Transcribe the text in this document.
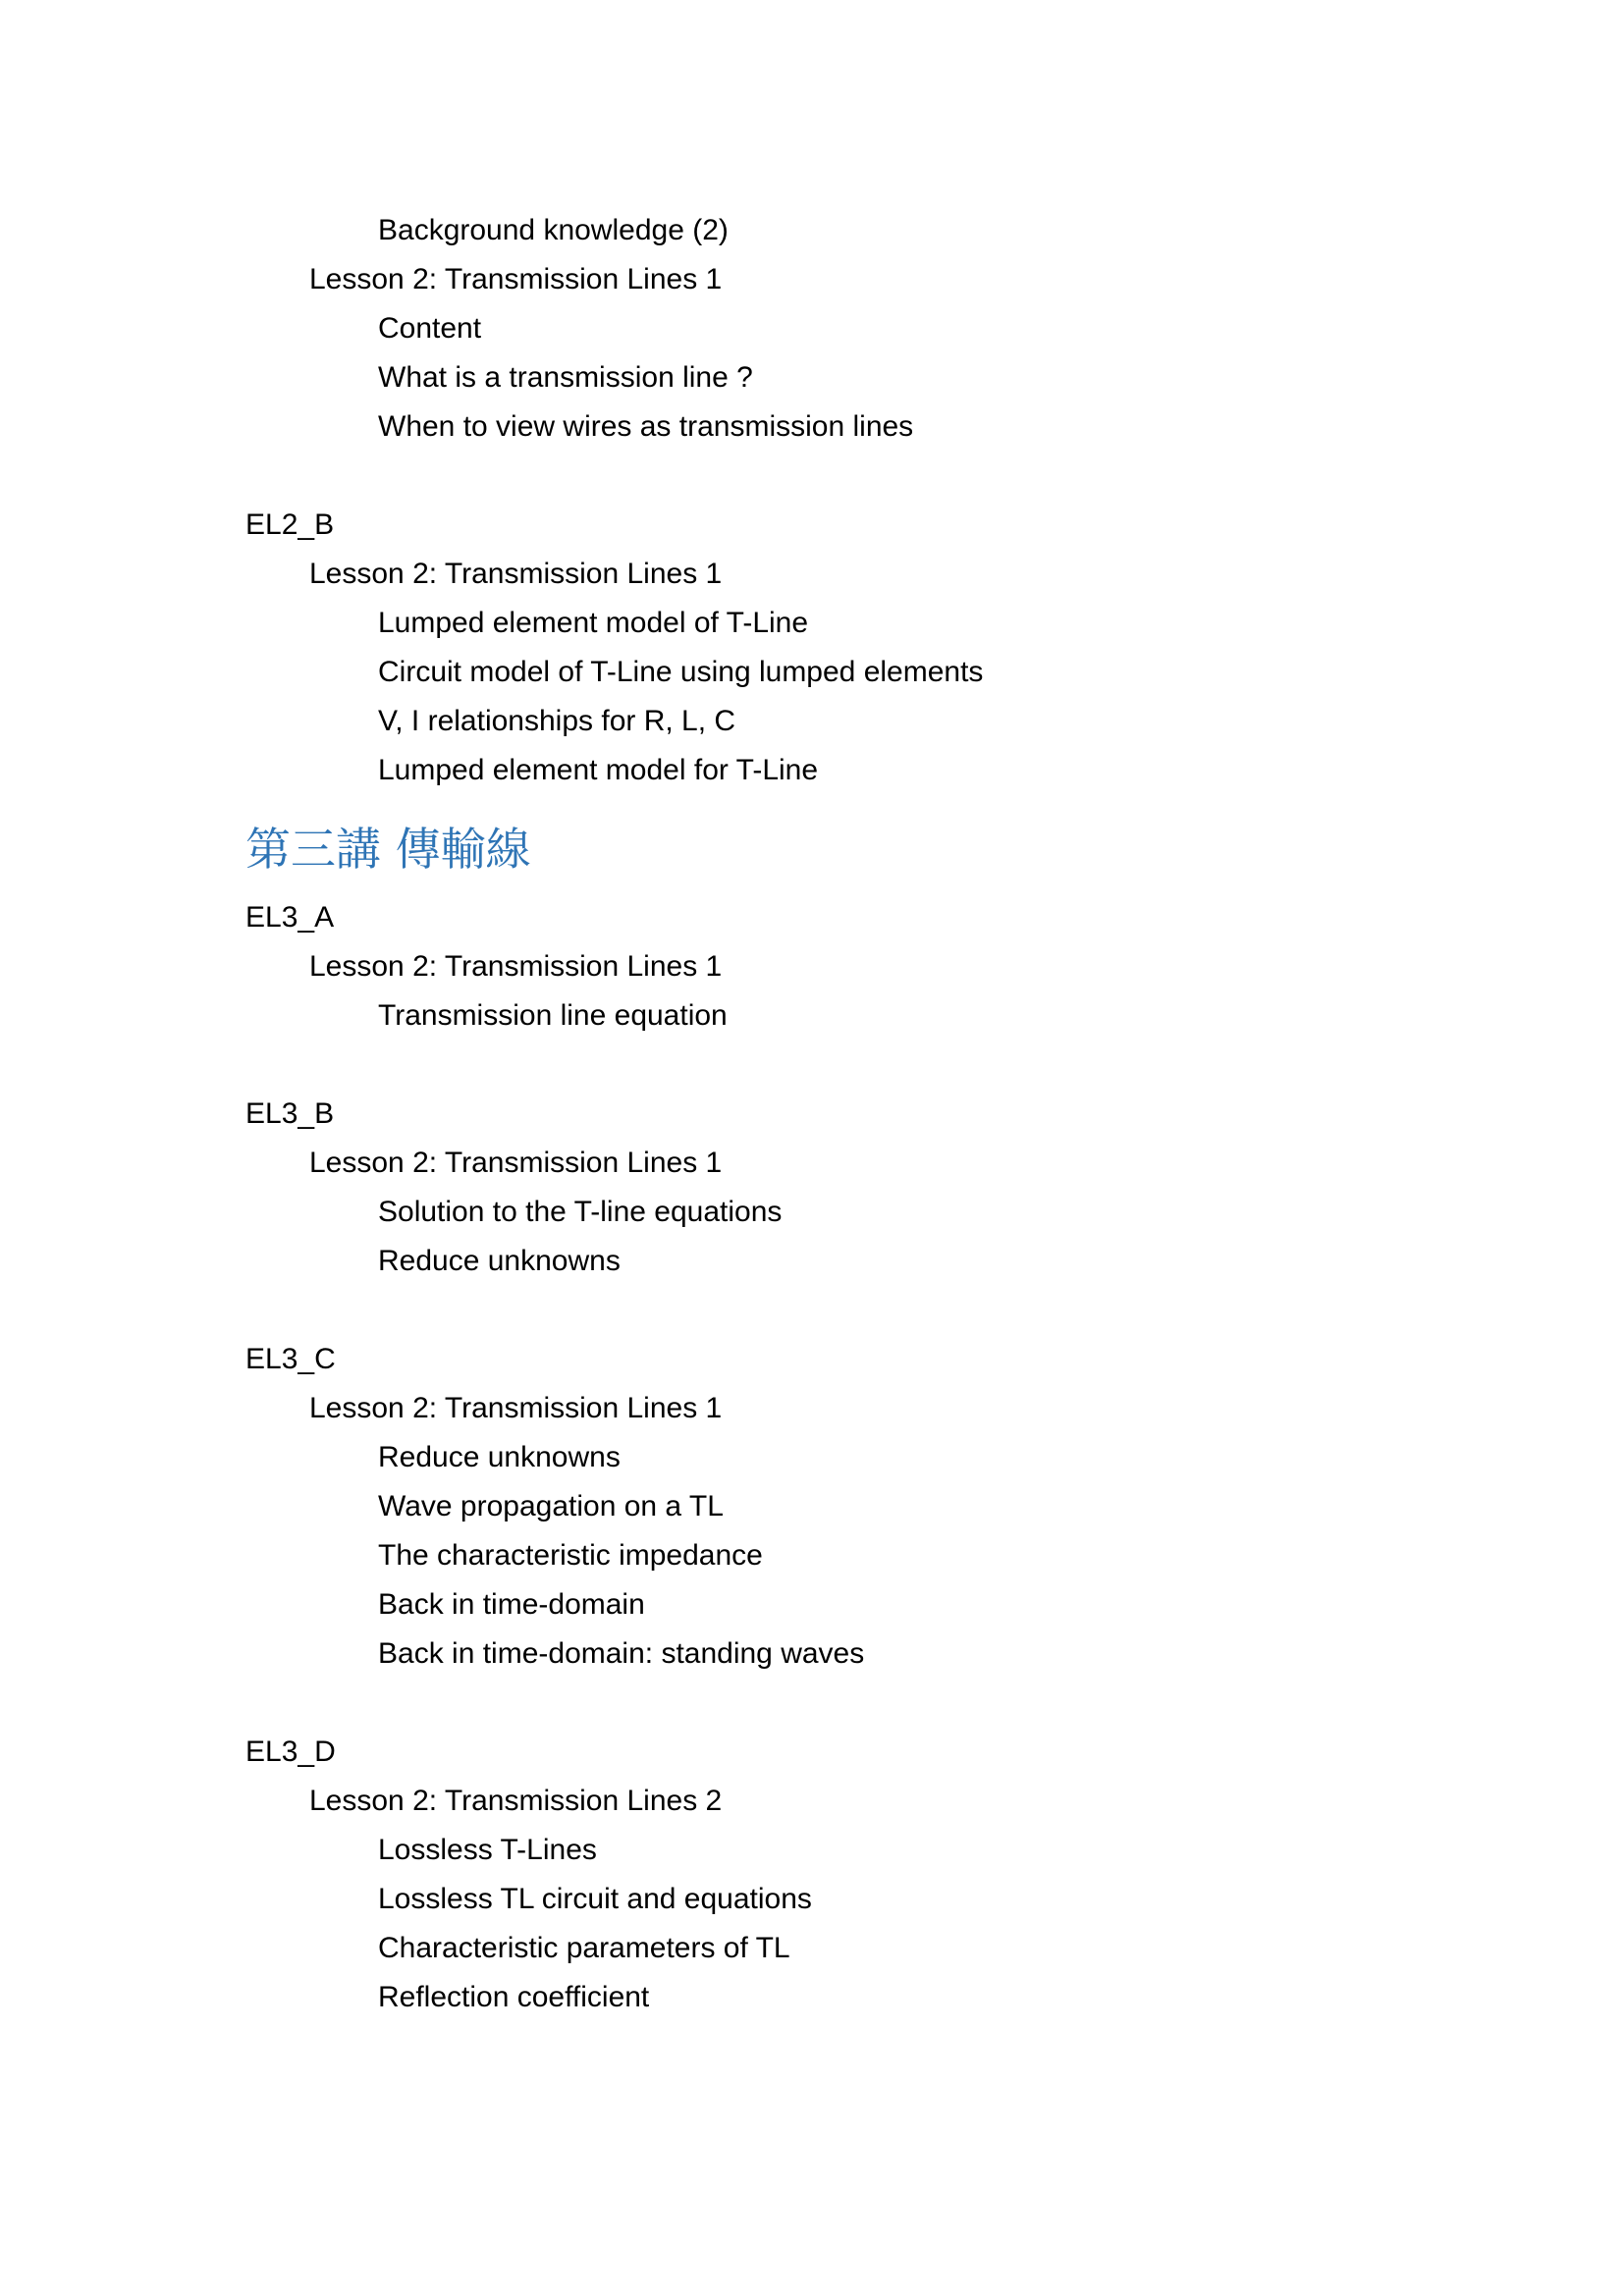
Background knowledge (2)
Lesson 2: Transmission Lines 1
Content
What is a transmission line ?
When to view wires as transmission lines
EL2_B
Lesson 2: Transmission Lines 1
Lumped element model of T-Line
Circuit model of T-Line using lumped elements
V, I relationships for R, L, C
Lumped element model for T-Line
第三講 傳輸線
EL3_A
Lesson 2: Transmission Lines 1
Transmission line equation
EL3_B
Lesson 2: Transmission Lines 1
Solution to the T-line equations
Reduce unknowns
EL3_C
Lesson 2: Transmission Lines 1
Reduce unknowns
Wave propagation on a TL
The characteristic impedance
Back in time-domain
Back in time-domain: standing waves
EL3_D
Lesson 2: Transmission Lines 2
Lossless T-Lines
Lossless TL circuit and equations
Characteristic parameters of TL
Reflection coefficient
